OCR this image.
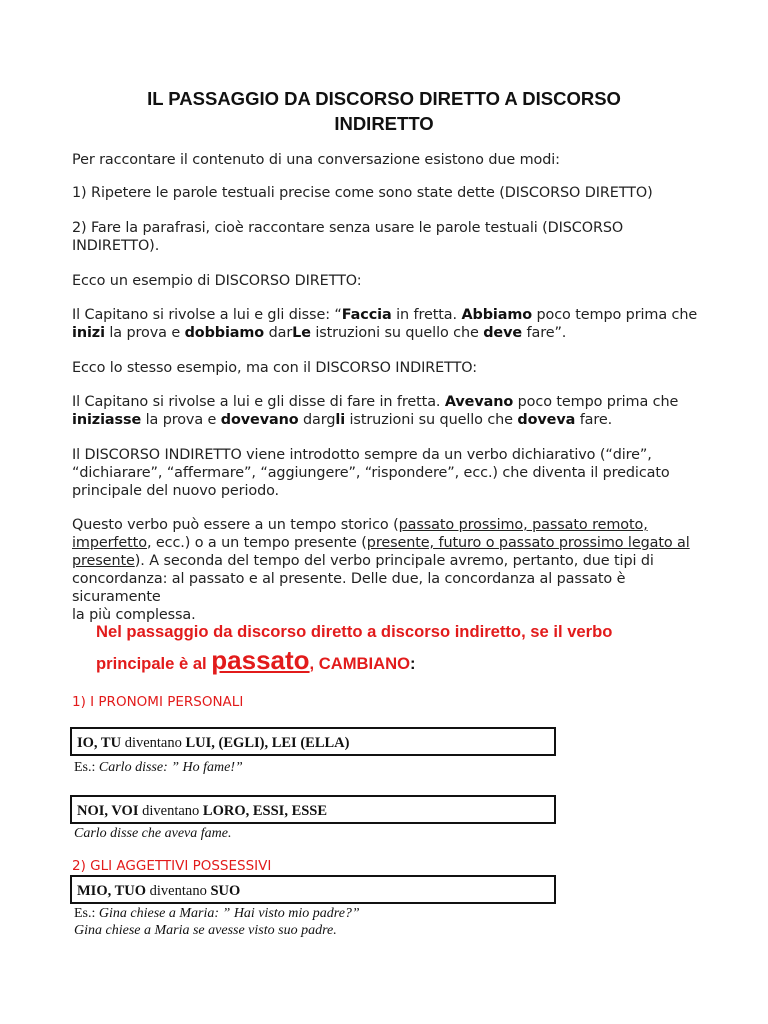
IL PASSAGGIO DA DISCORSO DIRETTO A DISCORSO
INDIRETTO
Per raccontare il contenuto di una conversazione esistono due modi:
1) Ripetere le parole testuali precise come sono state dette (DISCORSO DIRETTO)
2) Fare la parafrasi, cioè raccontare senza usare le parole testuali (DISCORSO
INDIRETTO).
Ecco un esempio di DISCORSO DIRETTO:
Il Capitano si rivolse a lui e gli disse: “Faccia in fretta. Abbiamo poco tempo prima che
inizi la prova e dobbiamo darLe istruzioni su quello che deve fare”.
Ecco lo stesso esempio, ma con il DISCORSO INDIRETTO:
Il Capitano si rivolse a lui e gli disse di fare in fretta. Avevano poco tempo prima che
iniziasse la prova e dovevano dargli istruzioni su quello che doveva fare.
Il DISCORSO INDIRETTO viene introdotto sempre da un verbo dichiarativo (“dire”,
“dichiarare”, “affermare”, “aggiungere”, “rispondere”, ecc.) che diventa il predicato
principale del nuovo periodo.
Questo verbo può essere a un tempo storico (passato prossimo, passato remoto,
imperfetto, ecc.) o a un tempo presente (presente, futuro o passato prossimo legato al
presente). A seconda del tempo del verbo principale avremo, pertanto, due tipi di
concordanza: al passato e al presente. Delle due, la concordanza al passato è sicuramente
la più complessa.
Nel passaggio da discorso diretto a discorso indiretto, se il verbo
principale è al passato, CAMBIANO:
1) I PRONOMI PERSONALI
IO, TU diventano LUI, (EGLI), LEI (ELLA)
Es.: Carlo disse: ” Ho fame!”
NOI, VOI diventano LORO, ESSI, ESSE
Carlo disse che aveva fame.
2) GLI AGGETTIVI POSSESSIVI
MIO, TUO diventano SUO
Es.: Gina chiese a Maria: ” Hai visto mio padre?”
Gina chiese a Maria se avesse visto suo padre.
